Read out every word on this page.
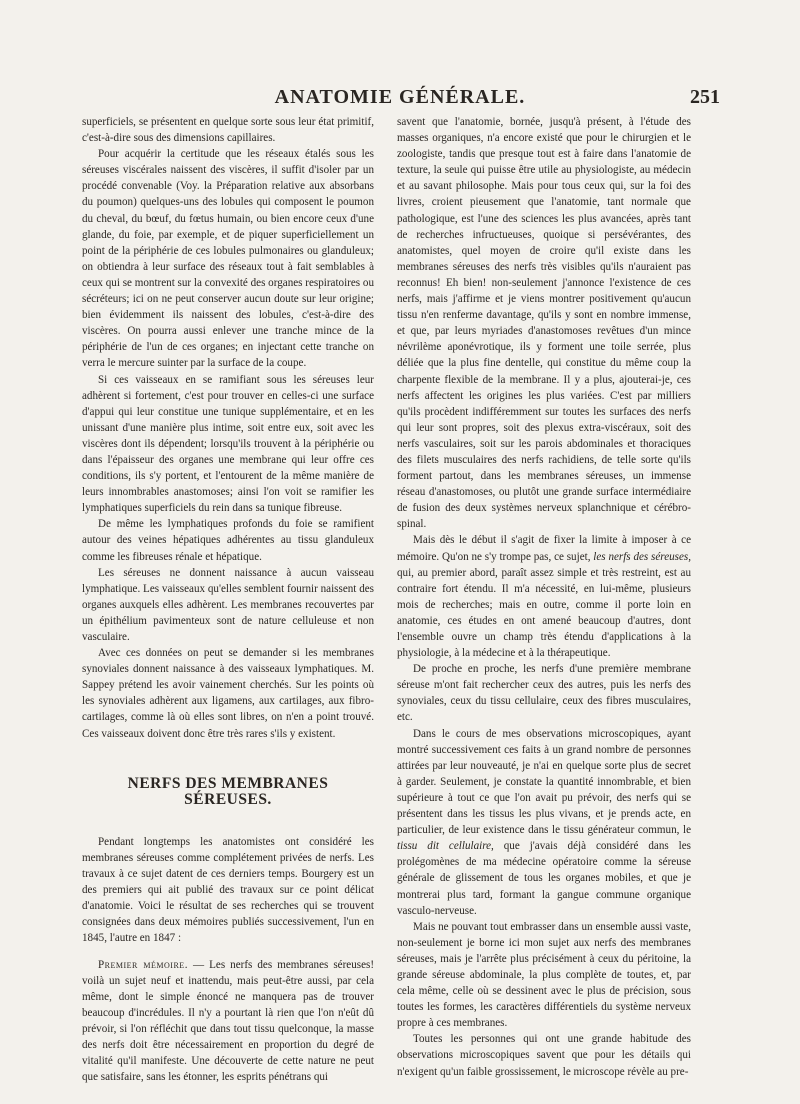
ANATOMIE GÉNÉRALE.	251

superficiels, se présentent en quelque sorte sous leur état primitif, c'est-à-dire sous des dimensions capillaires.

Pour acquérir la certitude que les réseaux étalés sous les séreuses viscérales naissent des viscères, il suffit d'isoler par un procédé convenable (Voy. la Préparation relative aux absorbans du poumon) quelques-uns des lobules qui composent le poumon du cheval, du bœuf, du fœtus humain, ou bien encore ceux d'une glande, du foie, par exemple, et de piquer superficiellement un point de la périphérie de ces lobules pulmonaires ou glanduleux; on obtiendra à leur surface des réseaux tout à fait semblables à ceux qui se montrent sur la convexité des organes respiratoires ou sécréteurs; ici on ne peut conserver aucun doute sur leur origine; bien évidemment ils naissent des lobules, c'est-à-dire des viscères. On pourra aussi enlever une tranche mince de la périphérie de l'un de ces organes; en injectant cette tranche on verra le mercure suinter par la surface de la coupe.

Si ces vaisseaux en se ramifiant sous les séreuses leur adhèrent si fortement, c'est pour trouver en celles-ci une surface d'appui qui leur constitue une tunique supplémentaire, et en les unissant d'une manière plus intime, soit entre eux, soit avec les viscères dont ils dépendent; lorsqu'ils trouvent à la périphérie ou dans l'épaisseur des organes une membrane qui leur offre ces conditions, ils s'y portent, et l'entourent de la même manière de leurs innombrables anastomoses; ainsi l'on voit se ramifier les lymphatiques superficiels du rein dans sa tunique fibreuse.

De même les lymphatiques profonds du foie se ramifient autour des veines hépatiques adhérentes au tissu glanduleux comme les fibreuses rénale et hépatique.

Les séreuses ne donnent naissance à aucun vaisseau lymphatique. Les vaisseaux qu'elles semblent fournir naissent des organes auxquels elles adhèrent. Les membranes recouvertes par un épithélium pavimenteux sont de nature celluleuse et non vasculaire.

Avec ces données on peut se demander si les membranes synoviales donnent naissance à des vaisseaux lymphatiques. M. Sappey prétend les avoir vainement cherchés. Sur les points où les synoviales adhèrent aux ligamens, aux cartilages, aux fibro-cartilages, comme là où elles sont libres, on n'en a point trouvé. Ces vaisseaux doivent donc être très rares s'ils y existent.

NERFS DES MEMBRANES SÉREUSES.

Pendant longtemps les anatomistes ont considéré les membranes séreuses comme complétement privées de nerfs. Les travaux à ce sujet datent de ces derniers temps. Bourgery est un des premiers qui ait publié des travaux sur ce point délicat d'anatomie. Voici le résultat de ses recherches qui se trouvent consignées dans deux mémoires publiés successivement, l'un en 1845, l'autre en 1847 :

Premier mémoire. — Les nerfs des membranes séreuses! voilà un sujet neuf et inattendu, mais peut-être aussi, par cela même, dont le simple énoncé ne manquera pas de trouver beaucoup d'incrédules. Il n'y a pourtant là rien que l'on n'eût dû prévoir, si l'on réfléchit que dans tout tissu quelconque, la masse des nerfs doit être nécessairement en proportion du degré de vitalité qu'il manifeste. Une découverte de cette nature ne peut que satisfaire, sans les étonner, les esprits pénétrans qui

savent que l'anatomie, bornée, jusqu'à présent, à l'étude des masses organiques, n'a encore existé que pour le chirurgien et le zoologiste, tandis que presque tout est à faire dans l'anatomie de texture, la seule qui puisse être utile au physiologiste, au médecin et au savant philosophe. Mais pour tous ceux qui, sur la foi des livres, croient pieusement que l'anatomie, tant normale que pathologique, est l'une des sciences les plus avancées, après tant de recherches infructueuses, quoique si persévérantes, des anatomistes, quel moyen de croire qu'il existe dans les membranes séreuses des nerfs très visibles qu'ils n'auraient pas reconnus! Eh bien! non-seulement j'annonce l'existence de ces nerfs, mais j'affirme et je viens montrer positivement qu'aucun tissu n'en renferme davantage, qu'ils y sont en nombre immense, et que, par leurs myriades d'anastomoses revêtues d'un mince névrilème aponévrotique, ils y forment une toile serrée, plus déliée que la plus fine dentelle, qui constitue du même coup la charpente flexible de la membrane. Il y a plus, ajouterai-je, ces nerfs affectent les origines les plus variées. C'est par milliers qu'ils procèdent indifféremment sur toutes les surfaces des nerfs qui leur sont propres, soit des plexus extra-viscéraux, soit des nerfs vasculaires, soit sur les parois abdominales et thoraciques des filets musculaires des nerfs rachidiens, de telle sorte qu'ils forment partout, dans les membranes séreuses, un immense réseau d'anastomoses, ou plutôt une grande surface intermédiaire de fusion des deux systèmes nerveux splanchnique et cérébro-spinal.

Mais dès le début il s'agit de fixer la limite à imposer à ce mémoire. Qu'on ne s'y trompe pas, ce sujet, les nerfs des séreuses, qui, au premier abord, paraît assez simple et très restreint, est au contraire fort étendu. Il m'a nécessité, en lui-même, plusieurs mois de recherches; mais en outre, comme il porte loin en anatomie, ces études en ont amené beaucoup d'autres, dont l'ensemble ouvre un champ très étendu d'applications à la physiologie, à la médecine et à la thérapeutique.

De proche en proche, les nerfs d'une première membrane séreuse m'ont fait rechercher ceux des autres, puis les nerfs des synoviales, ceux du tissu cellulaire, ceux des fibres musculaires, etc.

Dans le cours de mes observations microscopiques, ayant montré successivement ces faits à un grand nombre de personnes attirées par leur nouveauté, je n'ai en quelque sorte plus de secret à garder. Seulement, je constate la quantité innombrable, et bien supérieure à tout ce que l'on avait pu prévoir, des nerfs qui se présentent dans les tissus les plus vivans, et je prends acte, en particulier, de leur existence dans le tissu générateur commun, le tissu dit cellulaire, que j'avais déjà considéré dans les prolégomènes de ma médecine opératoire comme la séreuse générale de glissement de tous les organes mobiles, et que je montrerai plus tard, formant la gangue commune organique vasculo-nerveuse.

Mais ne pouvant tout embrasser dans un ensemble aussi vaste, non-seulement je borne ici mon sujet aux nerfs des membranes séreuses, mais je l'arrête plus précisément à ceux du péritoine, la grande séreuse abdominale, la plus complète de toutes, et, par cela même, celle où se dessinent avec le plus de précision, sous toutes les formes, les caractères différentiels du système nerveux propre à ces membranes.

Toutes les personnes qui ont une grande habitude des observations microscopiques savent que pour les détails qui n'exigent qu'un faible grossissement, le microscope révèle au pre-
